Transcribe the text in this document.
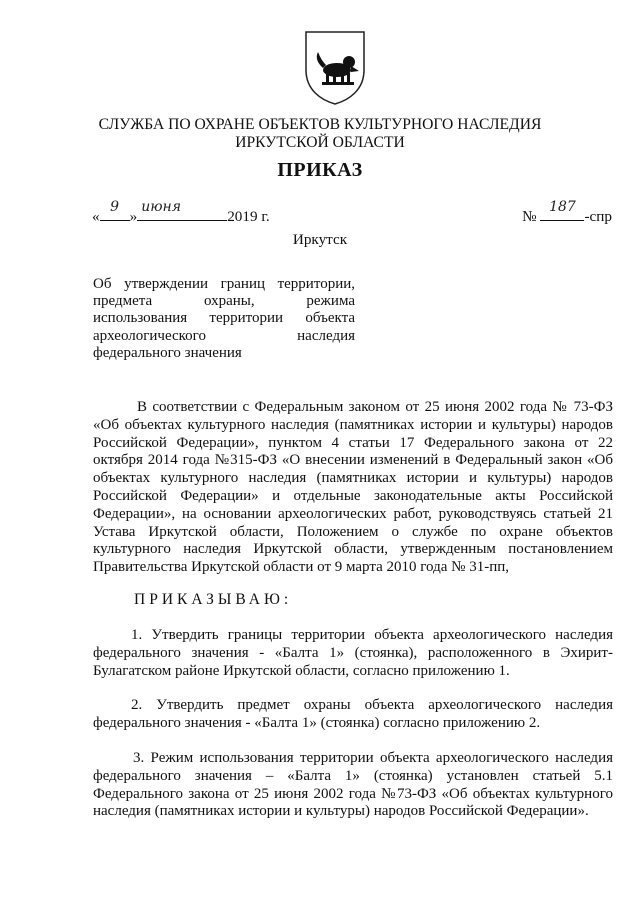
СЛУЖБА ПО ОХРАНЕ ОБЪЕКТОВ КУЛЬТУРНОГО НАСЛЕДИЯ
ИРКУТСКОЙ ОБЛАСТИ
ПРИКАЗ
«
9
»
июня
2019 г.	№
187
-спр
Иркутск
Об утверждении границ территории,
предмета охраны, режима
использования территории объекта
археологического наследия
федерального значения
В соответствии с Федеральным законом от 25 июня 2002 года № 73-ФЗ «Об объектах культурного наследия (памятниках истории и культуры) народов Российской Федерации», пунктом 4 статьи 17 Федерального закона от 22 октября 2014 года №315-ФЗ «О внесении изменений в Федеральный закон «Об объектах культурного наследия (памятниках истории и культуры) народов Российской Федерации» и отдельные законодательные акты Российской Федерации», на основании археологических работ, руководствуясь статьей 21 Устава Иркутской области, Положением о службе по охране объектов культурного наследия Иркутской области, утвержденным постановлением Правительства Иркутской области от 9 марта 2010 года № 31-пп,
ПРИКАЗЫВАЮ:
1. Утвердить границы территории объекта археологического наследия федерального значения - «Балта 1» (стоянка), расположенного в Эхирит-Булагатском районе Иркутской области, согласно приложению 1.
2. Утвердить предмет охраны объекта археологического наследия федерального значения - «Балта 1» (стоянка) согласно приложению 2.
3. Режим использования территории объекта археологического наследия федерального значения – «Балта 1» (стоянка) установлен статьей 5.1 Федерального закона от 25 июня 2002 года №73-ФЗ «Об объектах культурного наследия (памятниках истории и культуры) народов Российской Федерации».
